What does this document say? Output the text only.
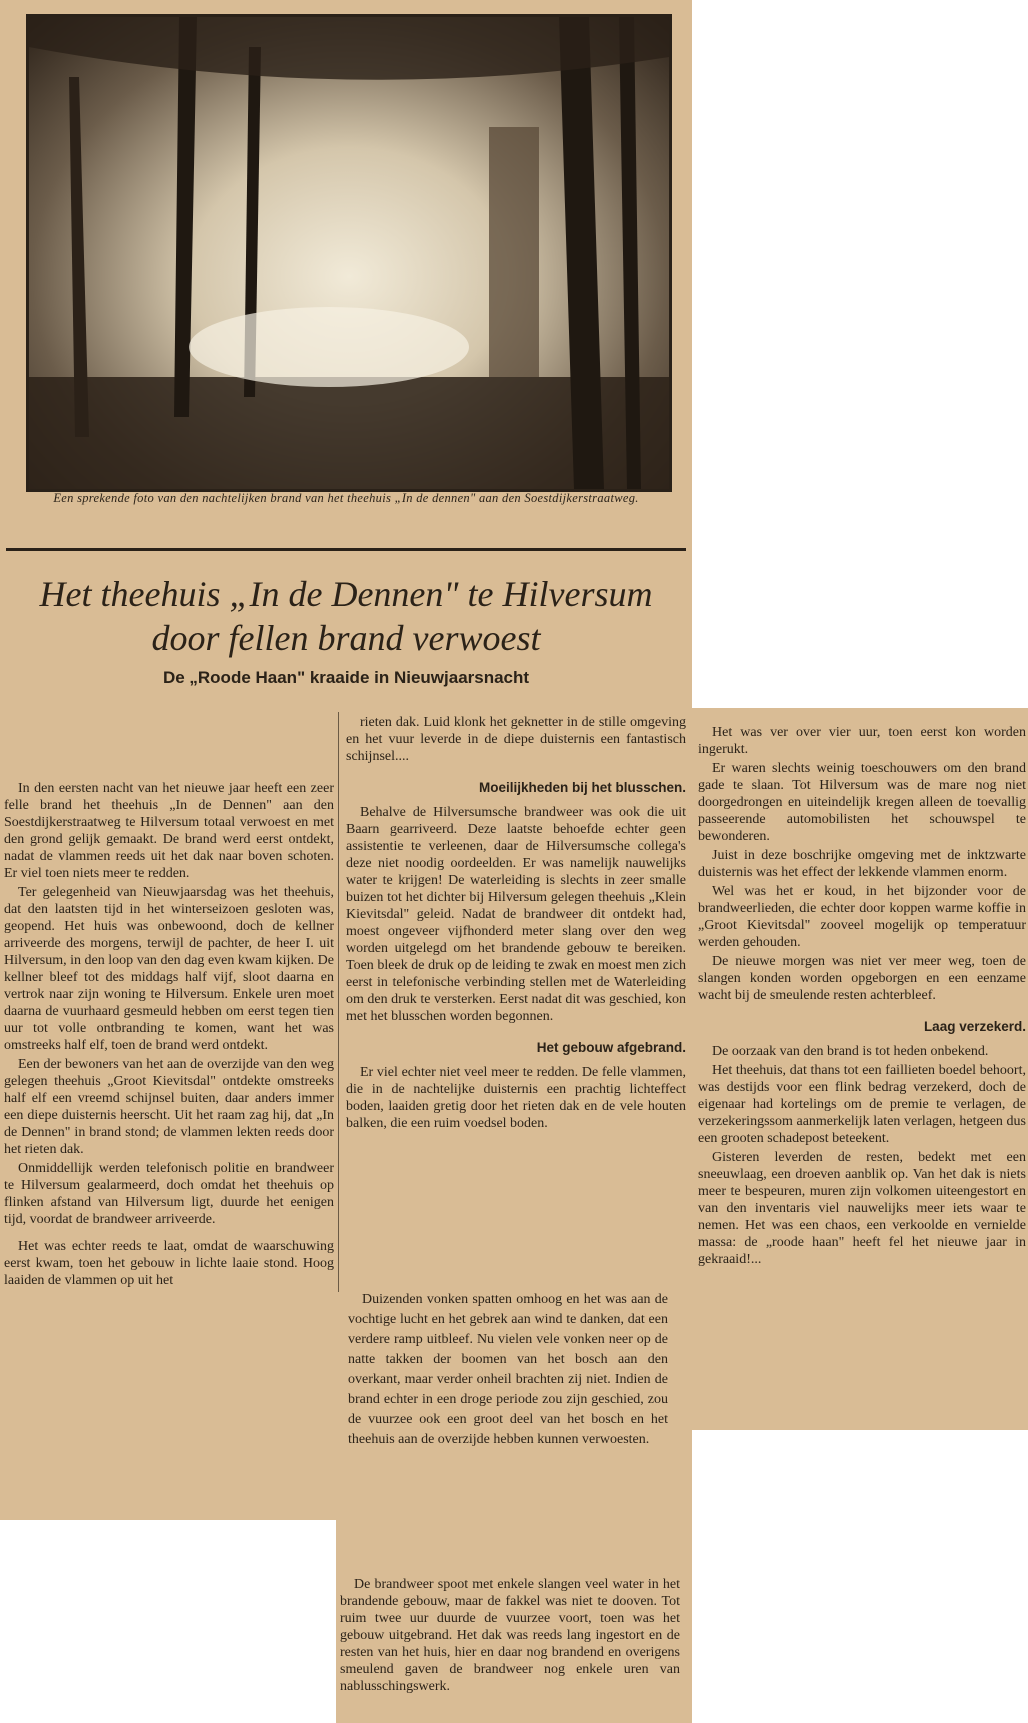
Een sprekende foto van den nachtelijken brand van het theehuis „In de dennen" aan den Soestdijkerstraatweg.
Het theehuis „In de Dennen" te Hilversum
door fellen brand verwoest
De „Roode Haan" kraaide in Nieuwjaarsnacht

In den eersten nacht van het nieuwe jaar heeft een zeer felle brand het theehuis „In de Dennen" aan den Soestdijkerstraatweg te Hilversum totaal verwoest en met den grond gelijk gemaakt. De brand werd eerst ontdekt, nadat de vlammen reeds uit het dak naar boven schoten. Er viel toen niets meer te redden.

Ter gelegenheid van Nieuwjaarsdag was het theehuis, dat den laatsten tijd in het winterseizoen gesloten was, geopend. Het huis was onbewoond, doch de kellner arriveerde des morgens, terwijl de pachter, de heer I. uit Hilversum, in den loop van den dag even kwam kijken. De kellner bleef tot des middags half vijf, sloot daarna en vertrok naar zijn woning te Hilversum. Enkele uren moet daarna de vuurhaard gesmeuld hebben om eerst tegen tien uur tot volle ontbranding te komen, want het was omstreeks half elf, toen de brand werd ontdekt.

Een der bewoners van het aan de overzijde van den weg gelegen theehuis „Groot Kievitsdal" ontdekte omstreeks half elf een vreemd schijnsel buiten, daar anders immer een diepe duisternis heerscht. Uit het raam zag hij, dat „In de Dennen" in brand stond; de vlammen lekten reeds door het rieten dak.

Onmiddellijk werden telefonisch politie en brandweer te Hilversum gealarmeerd, doch omdat het theehuis op flinken afstand van Hilversum ligt, duurde het eenigen tijd, voordat de brandweer arriveerde.

Het was echter reeds te laat, omdat de waarschuwing eerst kwam, toen het gebouw in lichte laaie stond. Hoog laaiden de vlammen op uit het

rieten dak. Luid klonk het geknetter in de stille omgeving en het vuur leverde in de diepe duisternis een fantastisch schijnsel....

Moeilijkheden bij het blusschen.

Behalve de Hilversumsche brandweer was ook die uit Baarn gearriveerd. Deze laatste behoefde echter geen assistentie te verleenen, daar de Hilversumsche collega's deze niet noodig oordeelden. Er was namelijk nauwelijks water te krijgen! De waterleiding is slechts in zeer smalle buizen tot het dichter bij Hilversum gelegen theehuis „Klein Kievitsdal" geleid. Nadat de brandweer dit ontdekt had, moest ongeveer vijfhonderd meter slang over den weg worden uitgelegd om het brandende gebouw te bereiken. Toen bleek de druk op de leiding te zwak en moest men zich eerst in telefonische verbinding stellen met de Waterleiding om den druk te versterken. Eerst nadat dit was geschied, kon met het blusschen worden begonnen.

Het gebouw afgebrand.

Er viel echter niet veel meer te redden. De felle vlammen, die in de nachtelijke duisternis een prachtig lichteffect boden, laaiden gretig door het rieten dak en de vele houten balken, die een ruim voedsel boden.

Duizenden vonken spatten omhoog en het was aan de vochtige lucht en het gebrek aan wind te danken, dat een verdere ramp uitbleef. Nu vielen vele vonken neer op de natte takken der boomen van het bosch aan den overkant, maar verder onheil brachten zij niet. Indien de brand echter in een droge periode zou zijn geschied, zou de vuurzee ook een groot deel van het bosch en het theehuis aan de overzijde hebben kunnen verwoesten.

De brandweer spoot met enkele slangen veel water in het brandende gebouw, maar de fakkel was niet te dooven. Tot ruim twee uur duurde de vuurzee voort, toen was het gebouw uitgebrand. Het dak was reeds lang ingestort en de resten van het huis, hier en daar nog brandend en overigens smeulend gaven de brandweer nog enkele uren van nablusschingswerk.

Het was ver over vier uur, toen eerst kon worden ingerukt.

Er waren slechts weinig toeschouwers om den brand gade te slaan. Tot Hilversum was de mare nog niet doorgedrongen en uiteindelijk kregen alleen de toevallig passeerende automobilisten het schouwspel te bewonderen.

Juist in deze boschrijke omgeving met de inktzwarte duisternis was het effect der lekkende vlammen enorm.

Wel was het er koud, in het bijzonder voor de brandweerlieden, die echter door koppen warme koffie in „Groot Kievitsdal" zooveel mogelijk op temperatuur werden gehouden.

De nieuwe morgen was niet ver meer weg, toen de slangen konden worden opgeborgen en een eenzame wacht bij de smeulende resten achterbleef.

Laag verzekerd.

De oorzaak van den brand is tot heden onbekend.

Het theehuis, dat thans tot een faillieten boedel behoort, was destijds voor een flink bedrag verzekerd, doch de eigenaar had kortelings om de premie te verlagen, de verzekeringssom aanmerkelijk laten verlagen, hetgeen dus een grooten schadepost beteekent.

Gisteren leverden de resten, bedekt met een sneeuwlaag, een droeven aanblik op. Van het dak is niets meer te bespeuren, muren zijn volkomen uiteengestort en van den inventaris viel nauwelijks meer iets waar te nemen. Het was een chaos, een verkoolde en vernielde massa: de „roode haan" heeft fel het nieuwe jaar in gekraaid!...
